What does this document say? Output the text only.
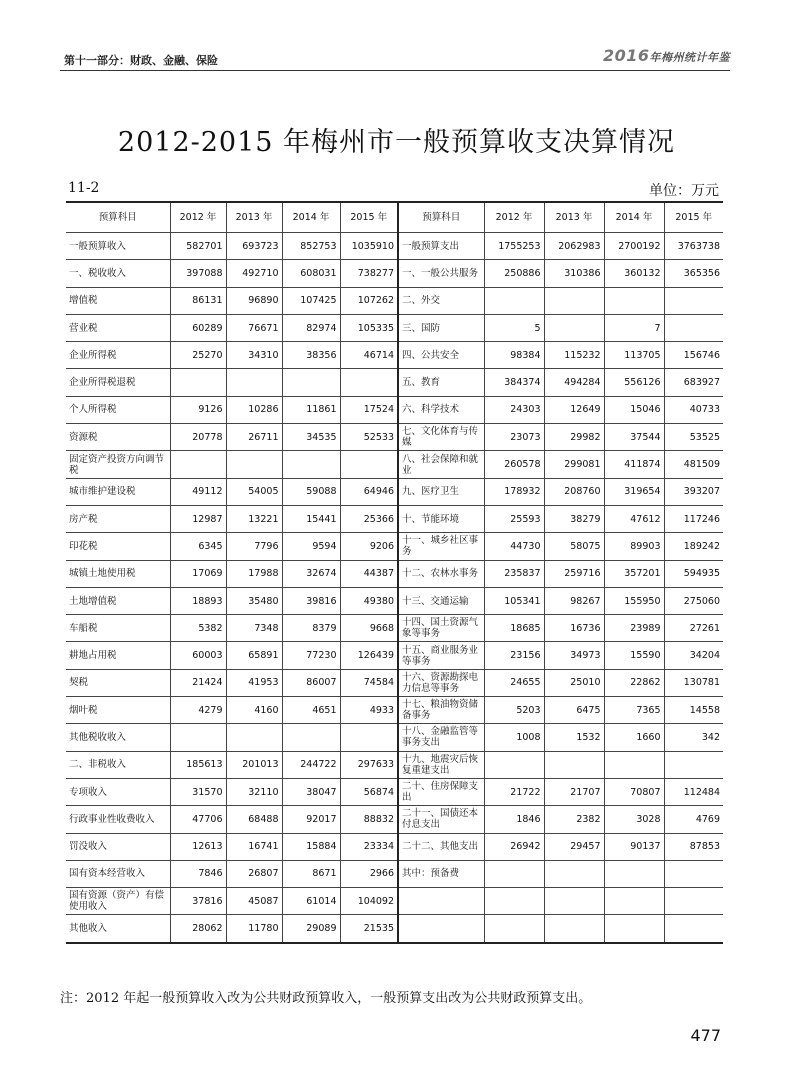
第十一部分：财政、金融、保险	2016年梅州统计年鉴
2012-2015 年梅州市一般预算收支决算情况
11-2	单位：万元
预算科目	2012 年	2013 年	2014 年	2015 年	预算科目	2012 年	2013 年	2014 年	2015 年
一般预算收入	582701	693723	852753	1035910	一般预算支出	1755253	2062983	2700192	3763738
一、税收收入	397088	492710	608031	738277	一、一般公共服务	250886	310386	360132	365356
增值税	86131	96890	107425	107262	二、外交				
营业税	60289	76671	82974	105335	三、国防	5		7	
企业所得税	25270	34310	38356	46714	四、公共安全	98384	115232	113705	156746
企业所得税退税					五、教育	384374	494284	556126	683927
个人所得税	9126	10286	11861	17524	六、科学技术	24303	12649	15046	40733
资源税	20778	26711	34535	52533	七、文化体育与传媒	23073	29982	37544	53525
固定资产投资方向调节税					八、社会保障和就业	260578	299081	411874	481509
城市维护建设税	49112	54005	59088	64946	九、医疗卫生	178932	208760	319654	393207
房产税	12987	13221	15441	25366	十、节能环境	25593	38279	47612	117246
印花税	6345	7796	9594	9206	十一、城乡社区事务	44730	58075	89903	189242
城镇土地使用税	17069	17988	32674	44387	十二、农林水事务	235837	259716	357201	594935
土地增值税	18893	35480	39816	49380	十三、交通运输	105341	98267	155950	275060
车船税	5382	7348	8379	9668	十四、国土资源气象等事务	18685	16736	23989	27261
耕地占用税	60003	65891	77230	126439	十五、商业服务业等事务	23156	34973	15590	34204
契税	21424	41953	86007	74584	十六、资源勘探电力信息等事务	24655	25010	22862	130781
烟叶税	4279	4160	4651	4933	十七、粮油物资储备事务	5203	6475	7365	14558
其他税收收入					十八、金融监管等事务支出	1008	1532	1660	342
二、非税收入	185613	201013	244722	297633	十九、地震灾后恢复重建支出				
专项收入	31570	32110	38047	56874	二十、住房保障支出	21722	21707	70807	112484
行政事业性收费收入	47706	68488	92017	88832	二十一、国债还本付息支出	1846	2382	3028	4769
罚没收入	12613	16741	15884	23334	二十二、其他支出	26942	29457	90137	87853
国有资本经营收入	7846	26807	8671	2966	其中：预备费				
国有资源（资产）有偿使用收入	37816	45087	61014	104092					
其他收入	28062	11780	29089	21535					
注：2012 年起一般预算收入改为公共财政预算收入，一般预算支出改为公共财政预算支出。
477
